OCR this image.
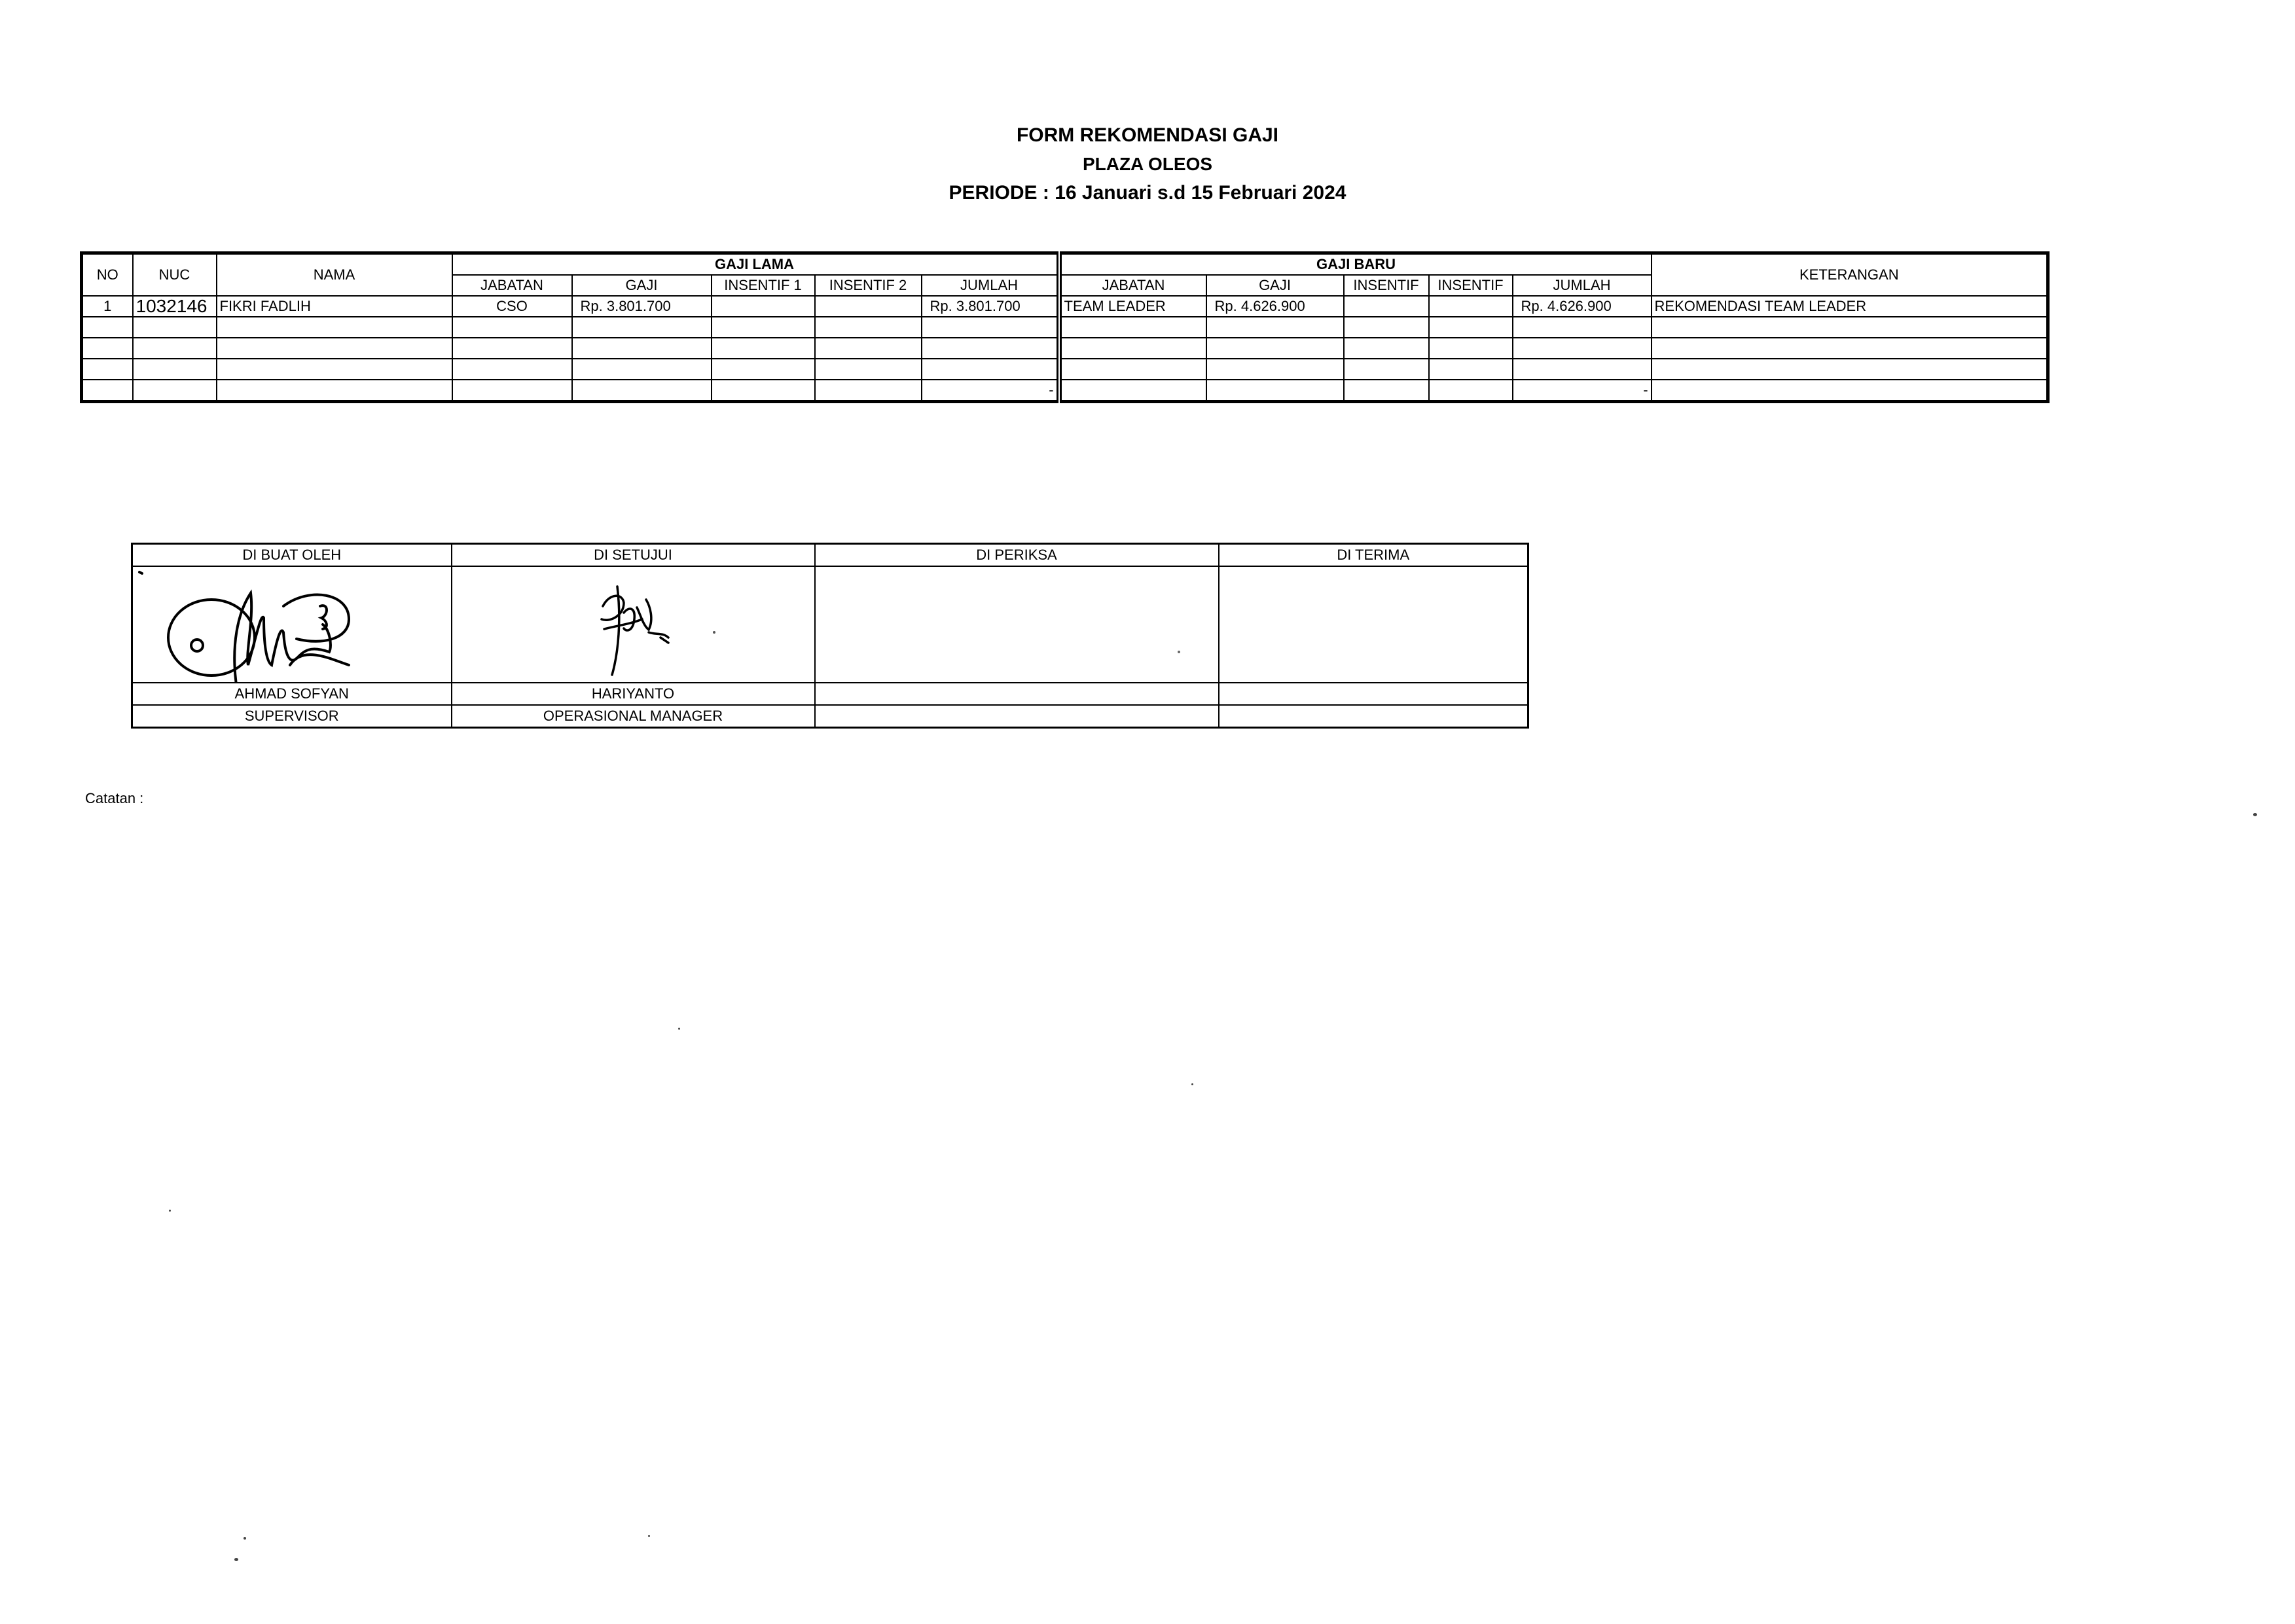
FORM REKOMENDASI GAJI
PLAZA OLEOS
PERIODE : 16 Januari s.d 15 Februari 2024
NO	NUC	NAMA	GAJI LAMA					GAJI BARU					KETERANGAN
			JABATAN	GAJI	INSENTIF 1	INSENTIF 2	JUMLAH	JABATAN	GAJI	INSENTIF	INSENTIF	JUMLAH	
1	1032146	FIKRI FADLIH	CSO	Rp. 3.801.700			Rp. 3.801.700	TEAM LEADER	Rp. 4.626.900			Rp. 4.626.900	REKOMENDASI TEAM LEADER

							-					-	
DI BUAT OLEH	DI SETUJUI	DI PERIKSA	DI TERIMA

AHMAD SOFYAN	HARIYANTO		
SUPERVISOR	OPERASIONAL MANAGER		
Catatan :
